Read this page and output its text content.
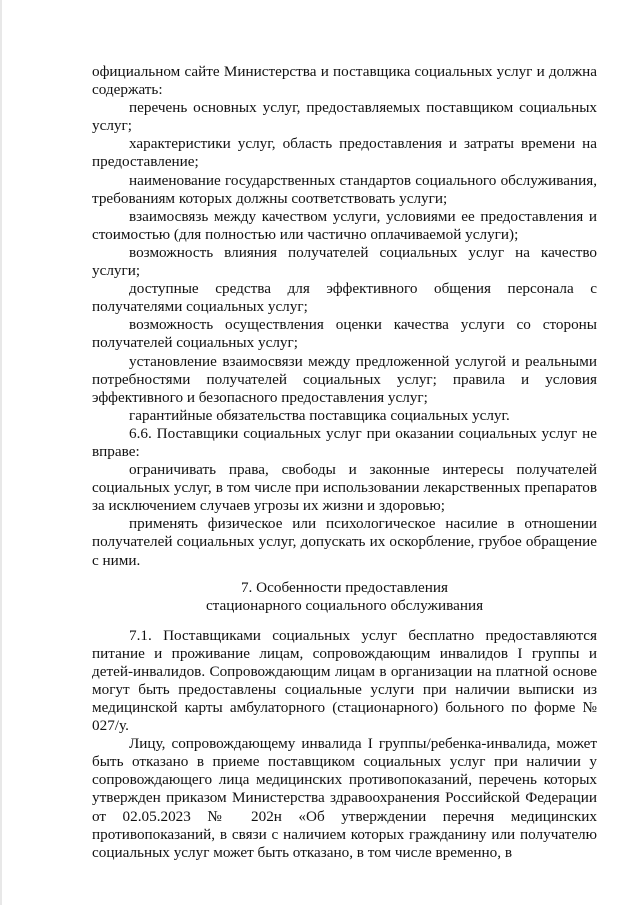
официальном сайте Министерства и поставщика социальных услуг и должна содержать:

перечень основных услуг, предоставляемых поставщиком социальных услуг;

характеристики услуг, область предоставления и затраты времени на предоставление;

наименование государственных стандартов социального обслуживания, требованиям которых должны соответствовать услуги;

взаимосвязь между качеством услуги, условиями ее предоставления и стоимостью (для полностью или частично оплачиваемой услуги);

возможность влияния получателей социальных услуг на качество услуги;

доступные средства для эффективного общения персонала с получателями социальных услуг;

возможность осуществления оценки качества услуги со стороны получателей социальных услуг;

установление взаимосвязи между предложенной услугой и реальными потребностями получателей социальных услуг; правила и условия эффективного и безопасного предоставления услуг;

гарантийные обязательства поставщика социальных услуг.

6.6. Поставщики социальных услуг при оказании социальных услуг не вправе:

ограничивать права, свободы и законные интересы получателей социальных услуг, в том числе при использовании лекарственных препаратов за исключением случаев угрозы их жизни и здоровью;

применять физическое или психологическое насилие в отношении получателей социальных услуг, допускать их оскорбление, грубое обращение с ними.

7. Особенности предоставления
стационарного социального обслуживания

7.1. Поставщиками социальных услуг бесплатно предоставляются питание и проживание лицам, сопровождающим инвалидов I группы и детей-инвалидов. Сопровождающим лицам в организации на платной основе могут быть предоставлены социальные услуги при наличии выписки из медицинской карты амбулаторного (стационарного) больного по форме № 027/у.

Лицу, сопровождающему инвалида I группы/ребенка-инвалида, может быть отказано в приеме поставщиком социальных услуг при наличии у сопровождающего лица медицинских противопоказаний, перечень которых утвержден приказом Министерства здравоохранения Российской Федерации от 02.05.2023 № 202н «Об утверждении перечня медицинских противопоказаний, в связи с наличием которых гражданину или получателю социальных услуг может быть отказано, в том числе временно, в
